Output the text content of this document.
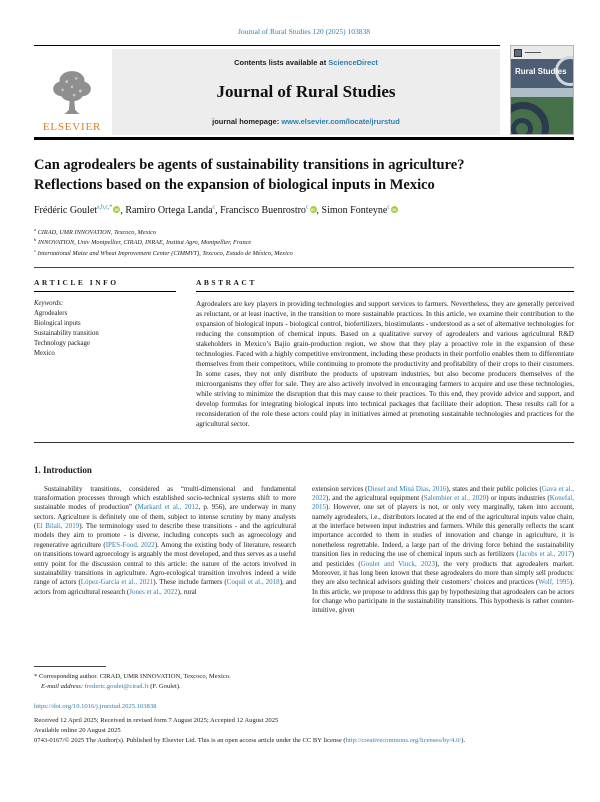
Journal of Rural Studies 120 (2025) 103838
ELSEVIER
Contents lists available at ScienceDirect
Journal of Rural Studies
journal homepage: www.elsevier.com/locate/jrurstud
Rural Studies
Can agrodealers be agents of sustainability transitions in agriculture?
Reflections based on the expansion of biological inputs in Mexico
Frédéric Goulet$^{a,b,c,*}$ iD , Ramiro Ortega Landa$^c$, Francisco Buenrostro$^c$ iD , Simon Fonteyne$^c$ iD
$^a$ CIRAD, UMR INNOVATION, Texcoco, Mexico
$^b$ INNOVATION, Univ Montpellier, CIRAD, INRAE, Institut Agro, Montpellier, France
$^c$ International Maize and Wheat Improvement Center (CIMMYT), Texcoco, Estado de México, Mexico
ARTICLE INFO
Keywords:
Agrodealers
Biological inputs
Sustainability transition
Technology package
Mexico
ABSTRACT
Agrodealers are key players in providing technologies and support services to farmers. Nevertheless, they are generally perceived as reluctant, or at least inactive, in the transition to more sustainable practices. In this article, we examine their contribution to the expansion of biological inputs - biological control, biofertilizers, biostimulants - understood as a set of alternative technologies for reducing the consumption of chemical inputs. Based on a qualitative survey of agrodealers and various agricultural R&D stakeholders in Mexico’s Bajío grain-production region, we show that they play a proactive role in the expansion of these technologies. Faced with a highly competitive environment, including these products in their portfolio enables them to differentiate themselves from their competitors, while continuing to promote the productivity and profitability of their crops to their customers. In some cases, they not only distribute the products of upstream industries, but also become producers themselves of the microorganisms they offer for sale. They are also actively involved in encouraging farmers to acquire and use these technologies, while striving to minimize the disruption that this may cause to their practices. To this end, they provide advice and support, and develop formulas for integrating biological inputs into technical packages that facilitate their adoption. These results call for a reconsideration of the role these actors could play in initiatives aimed at promoting sustainable technologies and practices for the agricultural sector.
1. Introduction
Sustainability transitions, considered as “multi-dimensional and fundamental transformation processes through which established socio-technical systems shift to more sustainable modes of production” (Markard et al., 2012, p. 956), are underway in many sectors. Agriculture is definitely one of them, subject to intense scrutiny by many analysts (El Bilali, 2019). The terminology used to describe these transitions - and the agricultural models they aim to promote - is diverse, including concepts such as agroecology and regenerative agriculture (IPES-Food, 2022). Among the existing body of literature, research on transitions toward agroecology is arguably the most developed, and thus serves as a useful entry point for the discussion central to this article: the nature of the actors involved in sustainability transitions in agriculture. Agro-ecological transition involves indeed a wide range of actors (López-García et al., 2021). These include farmers (Coquil et al., 2018), and actors from agricultural research (Jones et al., 2022), rural
extension services (Diesel and Miná Dias, 2016), states and their public policies (Gava et al., 2022), and the agricultural equipment (Salembier et al., 2020) or inputs industries (Konefal, 2015). However, one set of players is not, or only very marginally, taken into account, namely agrodealers, i.e., distributors located at the end of the agricultural inputs value chain, at the interface between input industries and farmers. While this generally reflects the scant importance accorded to them in studies of innovation and change in agriculture, it is nonetheless regrettable. Indeed, a large part of the driving force behind the sustainability transition lies in reducing the use of chemical inputs such as fertilizers (Jacobs et al., 2017) and pesticides (Goulet and Vinck, 2023), the very products that agrodealers market. Moreover, it has long been known that these agrodealers do more than simply sell products: they are also technical advisors guiding their customers’ choices and practices (Wolf, 1995). In this article, we propose to address this gap by hypothesizing that agrodealers can be actors for change who participate in the sustainability transitions. This hypothesis is rather counter-intuitive, given
* Corresponding author. CIRAD, UMR INNOVATION, Texcoco, Mexico.
E-mail address: frederic.goulet@cirad.fr (F. Goulet).
https://doi.org/10.1016/j.jrurstud.2025.103838
Received 12 April 2025; Received in revised form 7 August 2025; Accepted 12 August 2025
Available online 20 August 2025
0743-0167/© 2025 The Author(s). Published by Elsevier Ltd. This is an open access article under the CC BY license (http://creativecommons.org/licenses/by/4.0/).
